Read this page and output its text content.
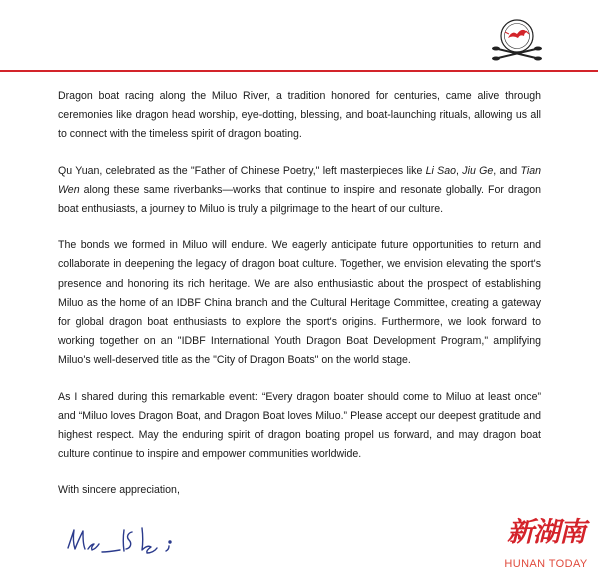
Dragon boat racing along the Miluo River, a tradition honored for centuries, came alive through ceremonies like dragon head worship, eye-dotting, blessing, and boat-launching rituals, allowing us all to connect with the timeless spirit of dragon boating.

Qu Yuan, celebrated as the "Father of Chinese Poetry," left masterpieces like Li Sao, Jiu Ge, and Tian Wen along these same riverbanks—works that continue to inspire and resonate globally. For dragon boat enthusiasts, a journey to Miluo is truly a pilgrimage to the heart of our culture.

The bonds we formed in Miluo will endure. We eagerly anticipate future opportunities to return and collaborate in deepening the legacy of dragon boat culture. Together, we envision elevating the sport's presence and honoring its rich heritage. We are also enthusiastic about the prospect of establishing Miluo as the home of an IDBF China branch and the Cultural Heritage Committee, creating a gateway for global dragon boat enthusiasts to explore the sport's origins. Furthermore, we look forward to working together on an "IDBF International Youth Dragon Boat Development Program," amplifying Miluo's well-deserved title as the "City of Dragon Boats" on the world stage.

As I shared during this remarkable event: “Every dragon boater should come to Miluo at least once” and “Miluo loves Dragon Boat, and Dragon Boat loves Miluo.” Please accept our deepest gratitude and highest respect. May the enduring spirit of dragon boating propel us forward, and may dragon boat culture continue to inspire and empower communities worldwide.

With sincere appreciation,

新湖南
HUNAN TODAY
